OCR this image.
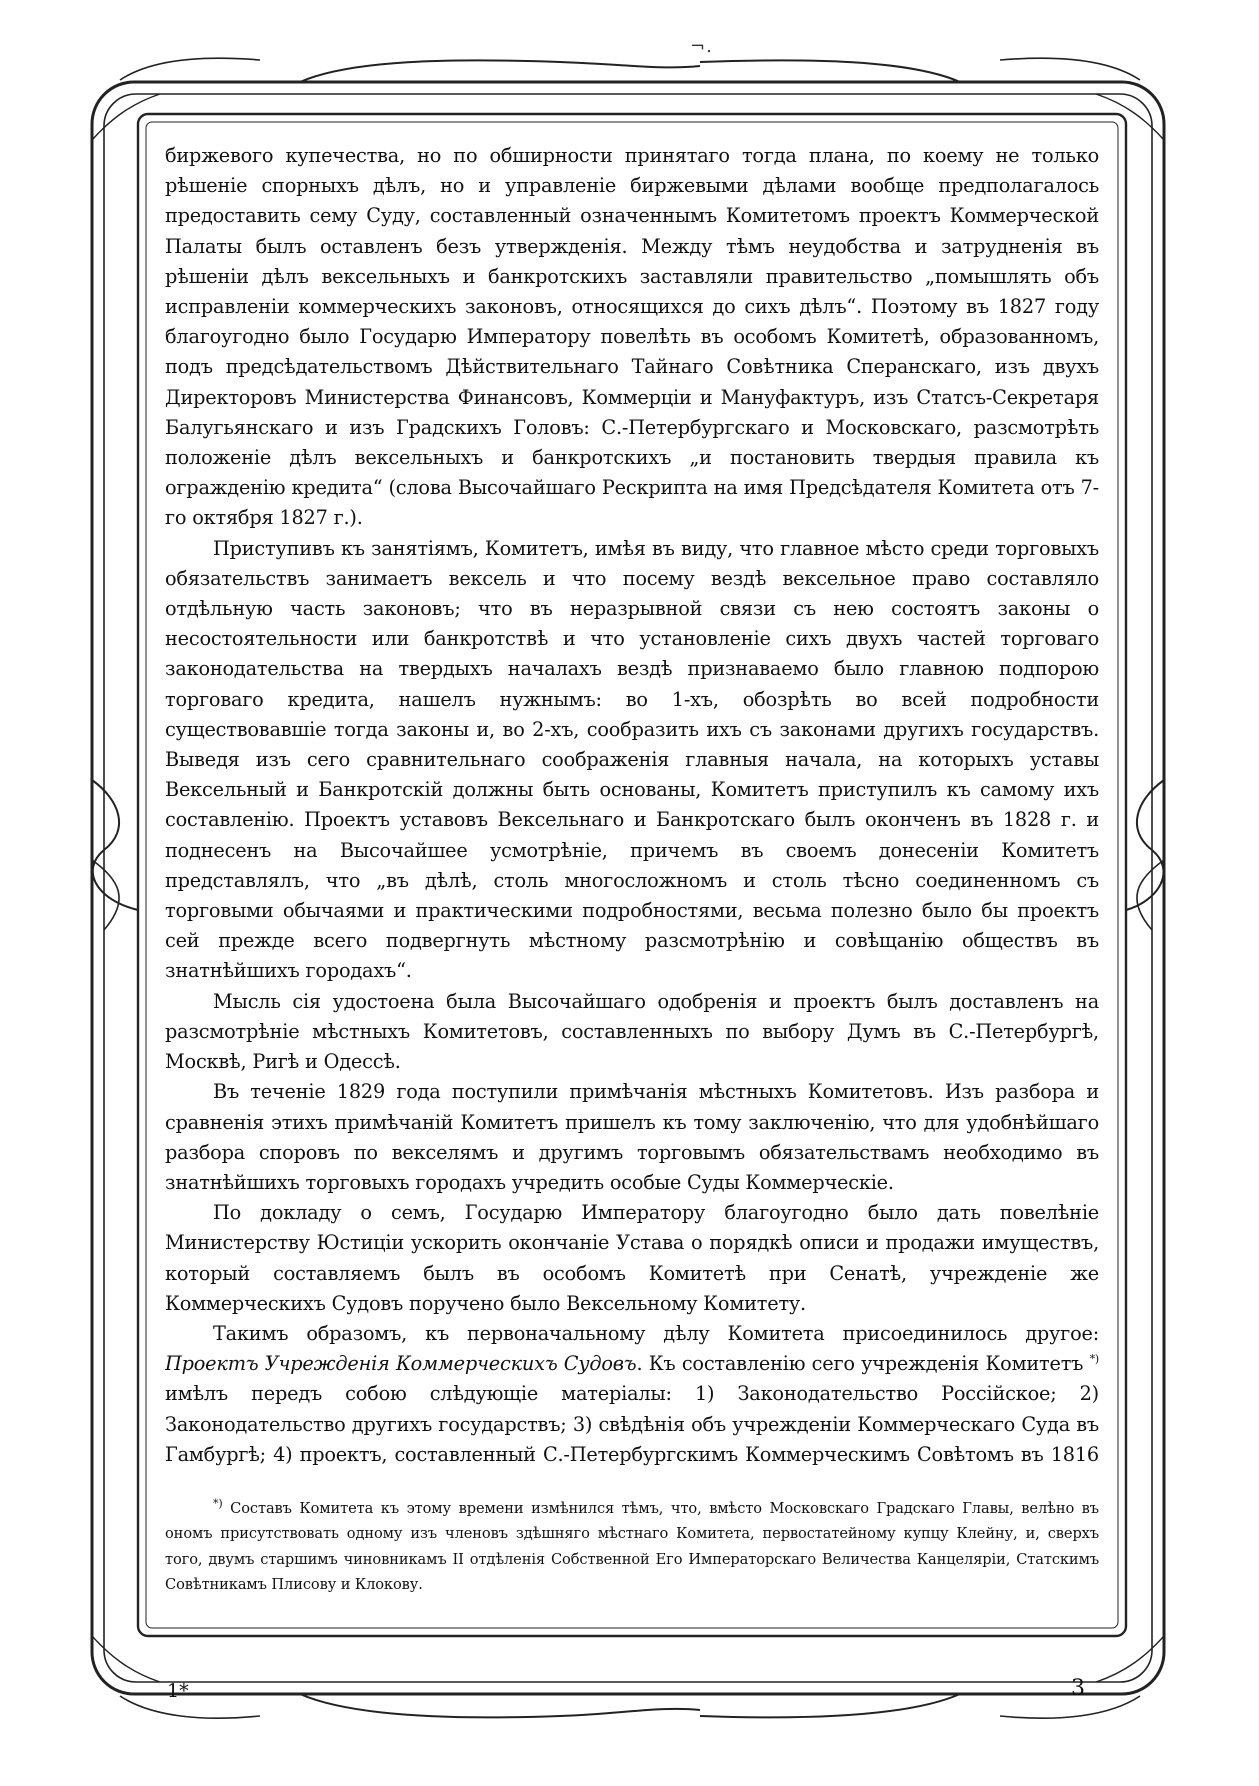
¬.

биржевого купечества, но по обширности принятаго тогда плана, по коему не только рѣшеніе спорныхъ дѣлъ, но и управленіе биржевыми дѣлами вообще предполагалось предоставить сему Суду, составленный означеннымъ Комитетомъ проектъ Коммерческой Палаты былъ оставленъ безъ утвержденія. Между тѣмъ неудобства и затрудненія въ рѣшеніи дѣлъ вексельныхъ и банкротскихъ заставляли правительство „помышлять объ исправленіи коммерческихъ законовъ, относящихся до сихъ дѣлъ“. Поэтому въ 1827 году благоугодно было Государю Императору повелѣть въ особомъ Комитетѣ, образованномъ, подъ предсѣдательствомъ Дѣйствительнаго Тайнаго Совѣтника Сперанскаго, изъ двухъ Директоровъ Министерства Финансовъ, Коммерціи и Мануфактуръ, изъ Статсъ-Секретаря Балугьянскаго и изъ Градскихъ Головъ: С.-Петербургскаго и Московскаго, разсмотрѣть положеніе дѣлъ вексельныхъ и банкротскихъ „и постановить твердыя правила къ огражденію кредита“ (слова Высочайшаго Рескрипта на имя Предсѣдателя Комитета отъ 7-го октября 1827 г.).

Приступивъ къ занятіямъ, Комитетъ, имѣя въ виду, что главное мѣсто среди торговыхъ обязательствъ занимаетъ вексель и что посему вездѣ вексельное право составляло отдѣльную часть законовъ; что въ неразрывной связи съ нею состоятъ законы о несостоятельности или банкротствѣ и что установленіе сихъ двухъ частей торговаго законодательства на твердыхъ началахъ вездѣ признаваемо было главною подпорою торговаго кредита, нашелъ нужнымъ: во 1-хъ, обозрѣть во всей подробности существовавшіе тогда законы и, во 2-хъ, сообразить ихъ съ законами другихъ государствъ. Выведя изъ сего сравнительнаго соображенія главныя начала, на которыхъ уставы Вексельный и Банкротскій должны быть основаны, Комитетъ приступилъ къ самому ихъ составленію. Проектъ уставовъ Вексельнаго и Банкротскаго былъ оконченъ въ 1828 г. и поднесенъ на Высочайшее усмотрѣніе, причемъ въ своемъ донесеніи Комитетъ представлялъ, что „въ дѣлѣ, столь многосложномъ и столь тѣсно соединенномъ съ торговыми обычаями и практическими подробностями, весьма полезно было бы проектъ сей прежде всего подвергнуть мѣстному разсмотрѣнію и совѣщанію обществъ въ знатнѣйшихъ городахъ“.

Мысль сія удостоена была Высочайшаго одобренія и проектъ былъ доставленъ на разсмотрѣніе мѣстныхъ Комитетовъ, составленныхъ по выбору Думъ въ С.-Петербургѣ, Москвѣ, Ригѣ и Одессѣ.

Въ теченіе 1829 года поступили примѣчанія мѣстныхъ Комитетовъ. Изъ разбора и сравненія этихъ примѣчаній Комитетъ пришелъ къ тому заключенію, что для удобнѣйшаго разбора споровъ по векселямъ и другимъ торговымъ обязательствамъ необходимо въ знатнѣйшихъ торговыхъ городахъ учредить особые Суды Коммерческіе.

По докладу о семъ, Государю Императору благоугодно было дать повелѣніе Министерству Юстиціи ускорить окончаніе Устава о порядкѣ описи и продажи имуществъ, который составляемъ былъ въ особомъ Комитетѣ при Сенатѣ, учрежденіе же Коммерческихъ Судовъ поручено было Вексельному Комитету.

Такимъ образомъ, къ первоначальному дѣлу Комитета присоединилось другое: Проектъ Учрежденія Коммерческихъ Судовъ. Къ составленію сего учрежденія Комитетъ *) имѣлъ передъ собою слѣдующіе матеріалы: 1) Законодательство Россійское; 2) Законодательство другихъ государствъ; 3) свѣдѣнія объ учрежденіи Коммерческаго Суда въ Гамбургѣ; 4) проектъ, составленный С.-Петербургскимъ Коммерческимъ Совѣтомъ въ 1816

*) Составъ Комитета къ этому времени измѣнился тѣмъ, что, вмѣсто Московскаго Градскаго Главы, велѣно въ ономъ присутствовать одному изъ членовъ здѣшняго мѣстнаго Комитета, первостатейному купцу Клейну, и, сверхъ того, двумъ старшимъ чиновникамъ II отдѣленія Собственной Его Императорскаго Величества Канцеляріи, Статскимъ Совѣтникамъ Плисову и Клокову.
1*	3
